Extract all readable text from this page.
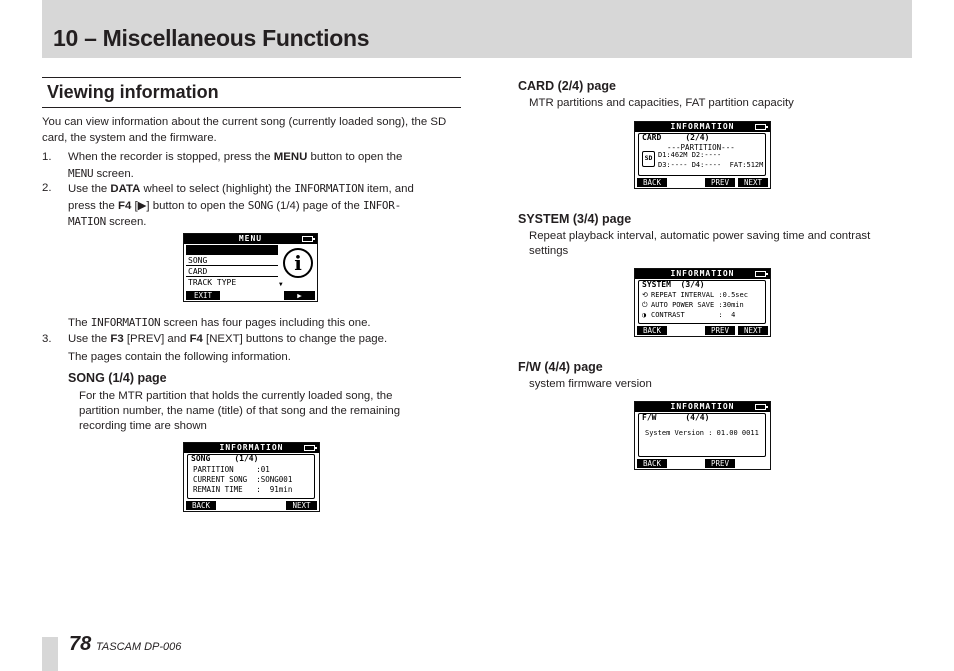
10 – Miscellaneous Functions
Viewing information
You can view information about the current song (currently loaded song), the SD card, the system and the firmware.
1. When the recorder is stopped, press the MENU button to open the
MENU screen.
2. Use the DATA wheel to select (highlight) the INFORMATION item, and
press the F4 [▶] button to open the SONG (1/4) page of the INFOR-
MATION screen.
MENU

INFORMATION ▶

SONG
CARD
TRACK TYPE	▼
i
EXIT	▶
The INFORMATION screen has four pages including this one.
3. Use the F3 [PREV] and F4 [NEXT] buttons to change the page.
The pages contain the following information.
SONG (1/4) page
For the MTR partition that holds the currently loaded song, the
partition number, the name (title) of that song and the remaining
recording time are shown
INFORMATION
SONG     (1/4)
PARTITION     :01
CURRENT SONG  :SONG001
REMAIN TIME   :  91min
BACK	NEXT
CARD (2/4) page
MTR partitions and capacities, FAT partition capacity
INFORMATION
CARD     (2/4)
---PARTITION---
SD D1:462M D2:----
D3:---- D4:----  FAT:512M
BACK	PREV	NEXT
SYSTEM (3/4) page
Repeat playback interval, automatic power saving time and contrast
settings
INFORMATION
SYSTEM  (3/4)
⟲ REPEAT INTERVAL :0.5sec
⏻ AUTO POWER SAVE :30min
◑ CONTRAST        :  4
BACK	PREV	NEXT
F/W (4/4) page
system firmware version
INFORMATION
F/W      (4/4)
System Version : 01.00 0011
BACK	PREV
78 TASCAM DP-006
